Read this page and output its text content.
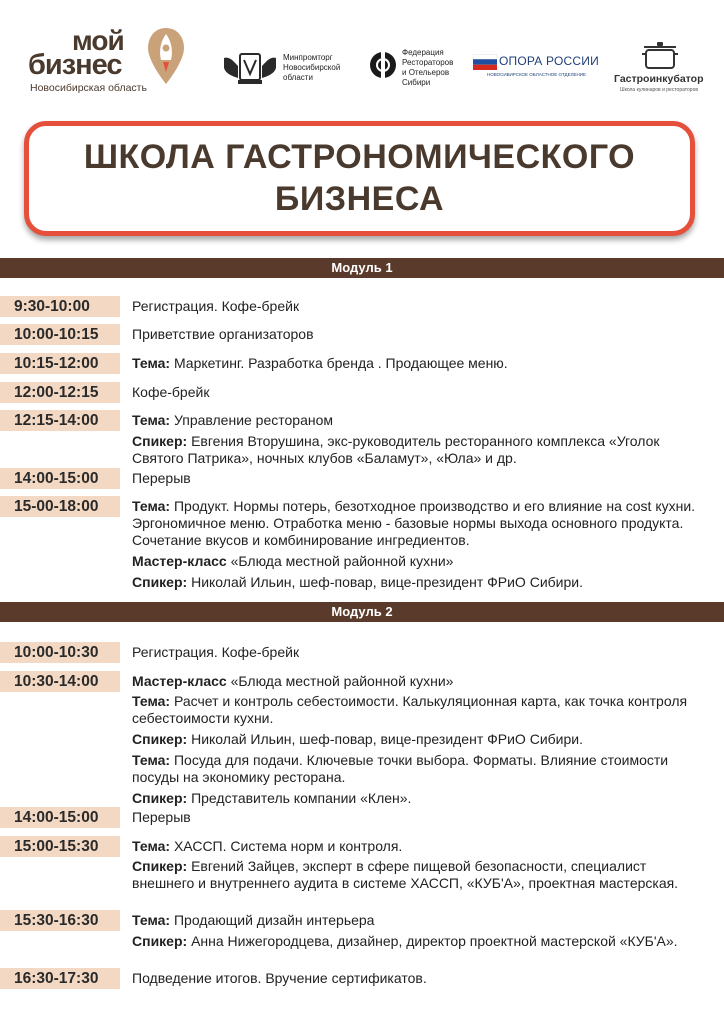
мой
бизнес
Новосибирская область
Минпромторг
Новосибирской
области
Федерация
Рестораторов
и Отельеров
Сибири
ОПОРА РОССИИ
НОВОСИБИРСКОЕ ОБЛАСТНОЕ ОТДЕЛЕНИЕ	Гастроинкубатор
Школа кулинаров и рестораторов
ШКОЛА ГАСТРОНОМИЧЕСКОГО
БИЗНЕСА
Модуль 1
9:30-10:00	Регистрация. Кофе-брейк
10:00-10:15	Приветствие организаторов
10:15-12:00	Тема: Маркетинг. Разработка бренда . Продающее меню.
12:00-12:15	Кофе-брейк
12:15-14:00	Тема: Управление рестораном
Спикер: Евгения Вторушина, экс-руководитель ресторанного комплекса «Уголок Святого Патрика», ночных клубов «Баламут», «Юла» и др.
14:00-15:00	Перерыв
15-00-18:00	Тема: Продукт. Нормы потерь, безотходное производство и его влияние на cost кухни. Эргономичное меню. Отработка меню - базовые нормы выхода основного продукта. Сочетание вкусов и комбинирование ингредиентов.
Мастер-класс «Блюда местной районной кухни»
Спикер: Николай Ильин, шеф-повар, вице-президент ФРиО Сибири.
Модуль 2
10:00-10:30	Регистрация. Кофе-брейк
10:30-14:00	Мастер-класс «Блюда местной районной кухни»
Тема: Расчет и контроль себестоимости. Калькуляционная карта, как точка контроля себестоимости кухни.
Спикер: Николай Ильин, шеф-повар, вице-президент ФРиО Сибири.
Тема: Посуда для подачи. Ключевые точки выбора. Форматы. Влияние стоимости посуды на экономику ресторана.
Спикер: Представитель компании «Клен».
14:00-15:00	Перерыв
15:00-15:30	Тема: ХАССП. Система норм и контроля.
Спикер: Евгений Зайцев, эксперт в сфере пищевой безопасности, специалист внешнего и внутреннего аудита в системе ХАССП, «КУБ'А», проектная мастерская.
15:30-16:30	Тема: Продающий дизайн интерьера
Спикер: Анна Нижегородцева, дизайнер, директор проектной мастерской «КУБ'А».
16:30-17:30	Подведение итогов. Вручение сертификатов.
